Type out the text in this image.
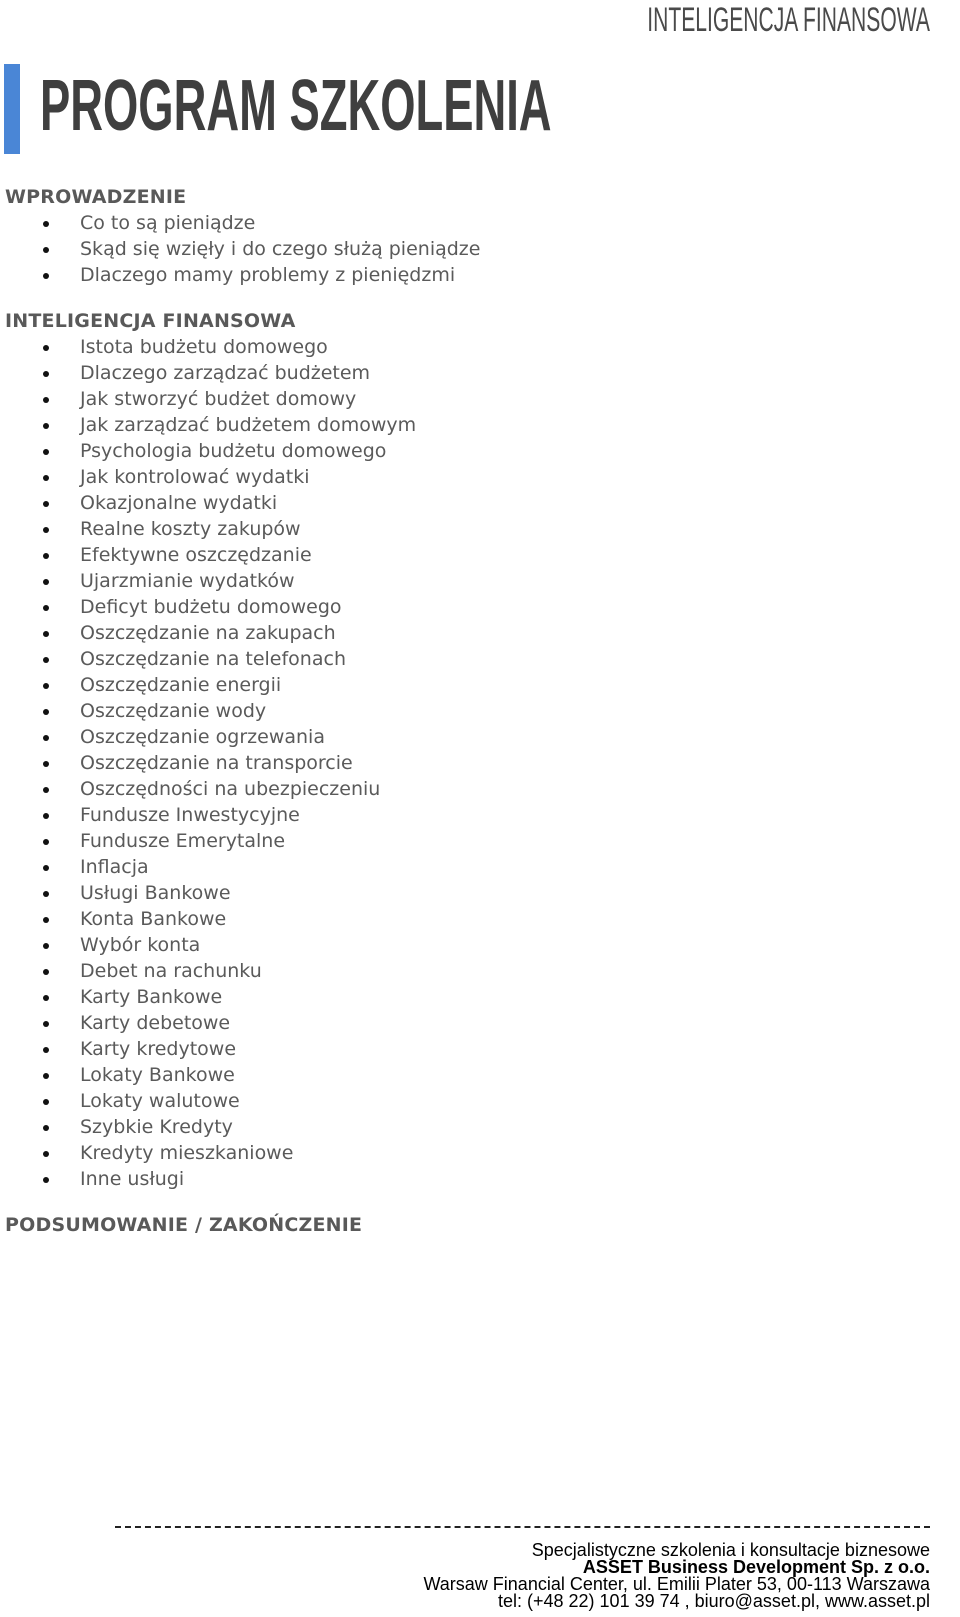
INTELIGENCJA FINANSOWA
PROGRAM SZKOLENIA
WPROWADZENIE
Co to są pieniądze
Skąd się wzięły i do czego służą pieniądze
Dlaczego mamy problemy z pieniędzmi
INTELIGENCJA FINANSOWA
Istota budżetu domowego
Dlaczego zarządzać budżetem
Jak stworzyć budżet domowy
Jak zarządzać budżetem domowym
Psychologia budżetu domowego
Jak kontrolować wydatki
Okazjonalne wydatki
Realne koszty zakupów
Efektywne oszczędzanie
Ujarzmianie wydatków
Deficyt budżetu domowego
Oszczędzanie na zakupach
Oszczędzanie na telefonach
Oszczędzanie energii
Oszczędzanie wody
Oszczędzanie ogrzewania
Oszczędzanie na transporcie
Oszczędności na ubezpieczeniu
Fundusze Inwestycyjne
Fundusze Emerytalne
Inflacja
Usługi Bankowe
Konta Bankowe
Wybór konta
Debet na rachunku
Karty Bankowe
Karty debetowe
Karty kredytowe
Lokaty Bankowe
Lokaty walutowe
Szybkie Kredyty
Kredyty mieszkaniowe
Inne usługi
PODSUMOWANIE / ZAKOŃCZENIE
Specjalistyczne szkolenia i konsultacje biznesowe
ASSET Business Development Sp. z o.o.
Warsaw Financial Center, ul. Emilii Plater 53, 00-113 Warszawa
tel: (+48 22) 101 39 74 , biuro@asset.pl, www.asset.pl
